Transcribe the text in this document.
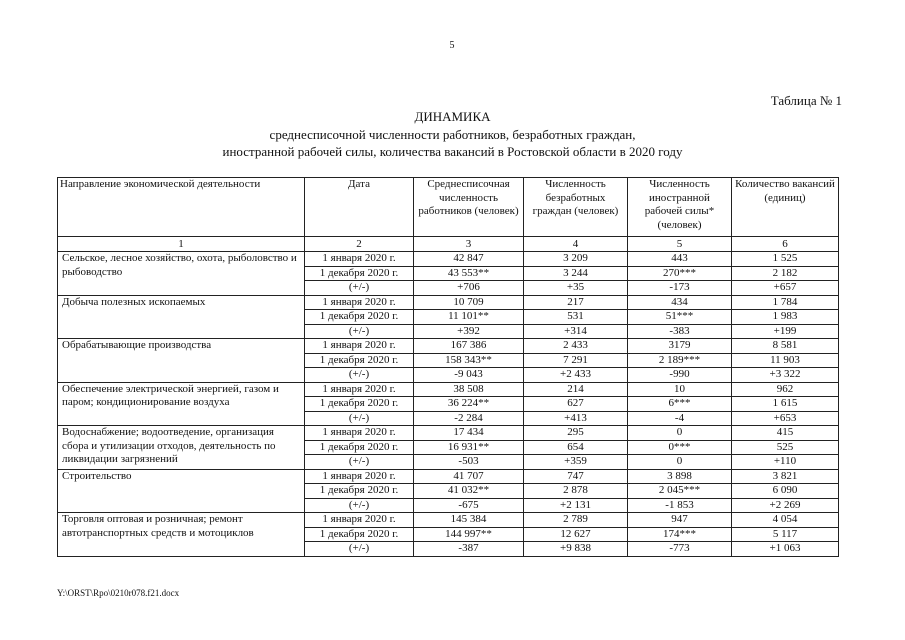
5
Таблица № 1
ДИНАМИКА
среднесписочной численности работников, безработных граждан,
иностранной рабочей силы, количества вакансий в Ростовской области в 2020 году
Направление экономической деятельности	Дата	Среднесписочная численность работников (человек)	Численность безработных граждан (человек)	Численность иностранной рабочей силы* (человек)	Количество вакансий (единиц)
1	2	3	4	5	6
Сельское, лесное хозяйство, охота, рыболовство и рыбоводство	1 января 2020 г.	42 847	3 209	443	1 525
	1 декабря 2020 г.	43 553**	3 244	270***	2 182
	(+/-)	+706	+35	-173	+657
Добыча полезных ископаемых	1 января 2020 г.	10 709	217	434	1 784
	1 декабря 2020 г.	11 101**	531	51***	1 983
	(+/-)	+392	+314	-383	+199
Обрабатывающие производства	1 января 2020 г.	167 386	2 433	3179	8 581
	1 декабря 2020 г.	158 343**	7 291	2 189***	11 903
	(+/-)	-9 043	+2 433	-990	+3 322
Обеспечение электрической энергией, газом и паром; кондиционирование воздуха	1 января 2020 г.	38 508	214	10	962
	1 декабря 2020 г.	36 224**	627	6***	1 615
	(+/-)	-2 284	+413	-4	+653
Водоснабжение; водоотведение, организация сбора и утилизации отходов, деятельность по ликвидации загрязнений	1 января 2020 г.	17 434	295	0	415
	1 декабря 2020 г.	16 931**	654	0***	525
	(+/-)	-503	+359	0	+110
Строительство	1 января 2020 г.	41 707	747	3 898	3 821
	1 декабря 2020 г.	41 032**	2 878	2 045***	6 090
	(+/-)	-675	+2 131	-1 853	+2 269
Торговля оптовая и розничная; ремонт автотранспортных средств и мотоциклов	1 января 2020 г.	145 384	2 789	947	4 054
	1 декабря 2020 г.	144 997**	12 627	174***	5 117
	(+/-)	-387	+9 838	-773	+1 063
Y:\ORST\Rpo\0210r078.f21.docx
